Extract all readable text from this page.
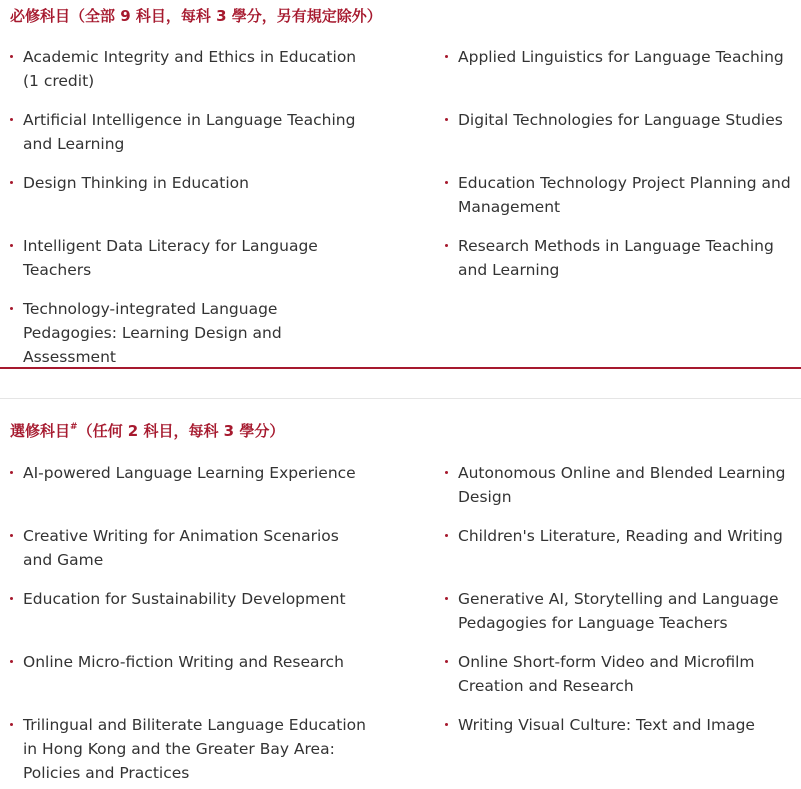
必修科目（全部 9 科目，每科 3 學分，另有規定除外）
Academic Integrity and Ethics in Education (1 credit)
Applied Linguistics for Language Teaching
Artificial Intelligence in Language Teaching and Learning
Digital Technologies for Language Studies
Design Thinking in Education	Education Technology Project Planning and Management
Intelligent Data Literacy for Language Teachers
Research Methods in Language Teaching and Learning
Technology-integrated Language Pedagogies: Learning Design and Assessment
選修科目#（任何 2 科目，每科 3 學分）
AI-powered Language Learning Experience	Autonomous Online and Blended Learning Design
Creative Writing for Animation Scenarios and Game
Children's Literature, Reading and Writing
Education for Sustainability Development	Generative AI, Storytelling and Language Pedagogies for Language Teachers
Online Micro-fiction Writing and Research	Online Short-form Video and Microfilm Creation and Research
Trilingual and Biliterate Language Education in Hong Kong and the Greater Bay Area: Policies and Practices
Writing Visual Culture: Text and Image
